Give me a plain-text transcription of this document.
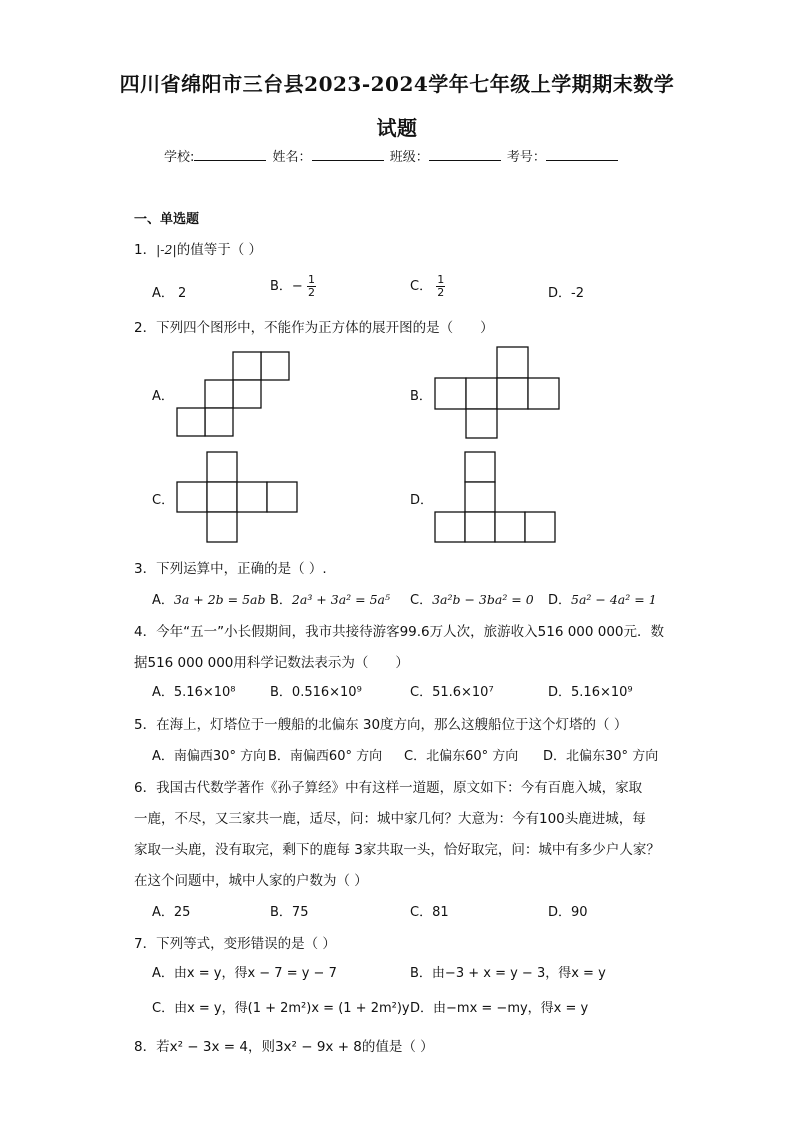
四川省绵阳市三台县2023-2024学年七年级上学期期末数学
试题
学校:	姓名：	班级：	考号：
一、单选题
1．|-2|的值等于（ ）
A． 2	B．− $\frac{1}{2}$	C． $\frac{1}{2}$	D．-2
2．下列四个图形中，不能作为正方体的展开图的是（　　）
A．	B．
C．	D．
3．下列运算中，正确的是（ ）.
A．3a + 2b = 5ab B．2a³ + 3a² = 5a⁵ C．3a²b − 3ba² = 0 D．5a² − 4a² = 1
4．今年“五一”小长假期间，我市共接待游客99.6万人次，旅游收入516 000 000元．数
据516 000 000用科学记数法表示为（　　）
A．5.16×10⁸	B．0.516×10⁹	C．51.6×10⁷	D．5.16×10⁹
5．在海上，灯塔位于一艘船的北偏东 30度方向，那么这艘船位于这个灯塔的（ ）
A．南偏西30° 方向 B．南偏西60° 方向 C．北偏东60° 方向 D．北偏东30° 方向
6．我国古代数学著作《孙子算经》中有这样一道题，原文如下：今有百鹿入城，家取
一鹿，不尽，又三家共一鹿，适尽，问：城中家几何？大意为：今有100头鹿进城，每
家取一头鹿，没有取完，剩下的鹿每 3家共取一头，恰好取完，问：城中有多少户人家？
在这个问题中，城中人家的户数为（ ）
A．25	B．75	C．81	D．90
7．下列等式，变形错误的是（ ）
A．由x = y，得x − 7 = y − 7	B．由−3 + x = y − 3，得x = y
C．由x = y，得(1 + 2m²)x = (1 + 2m²)y D．由−mx = −my，得x = y
8．若x² − 3x = 4，则3x² − 9x + 8的值是（ ）
